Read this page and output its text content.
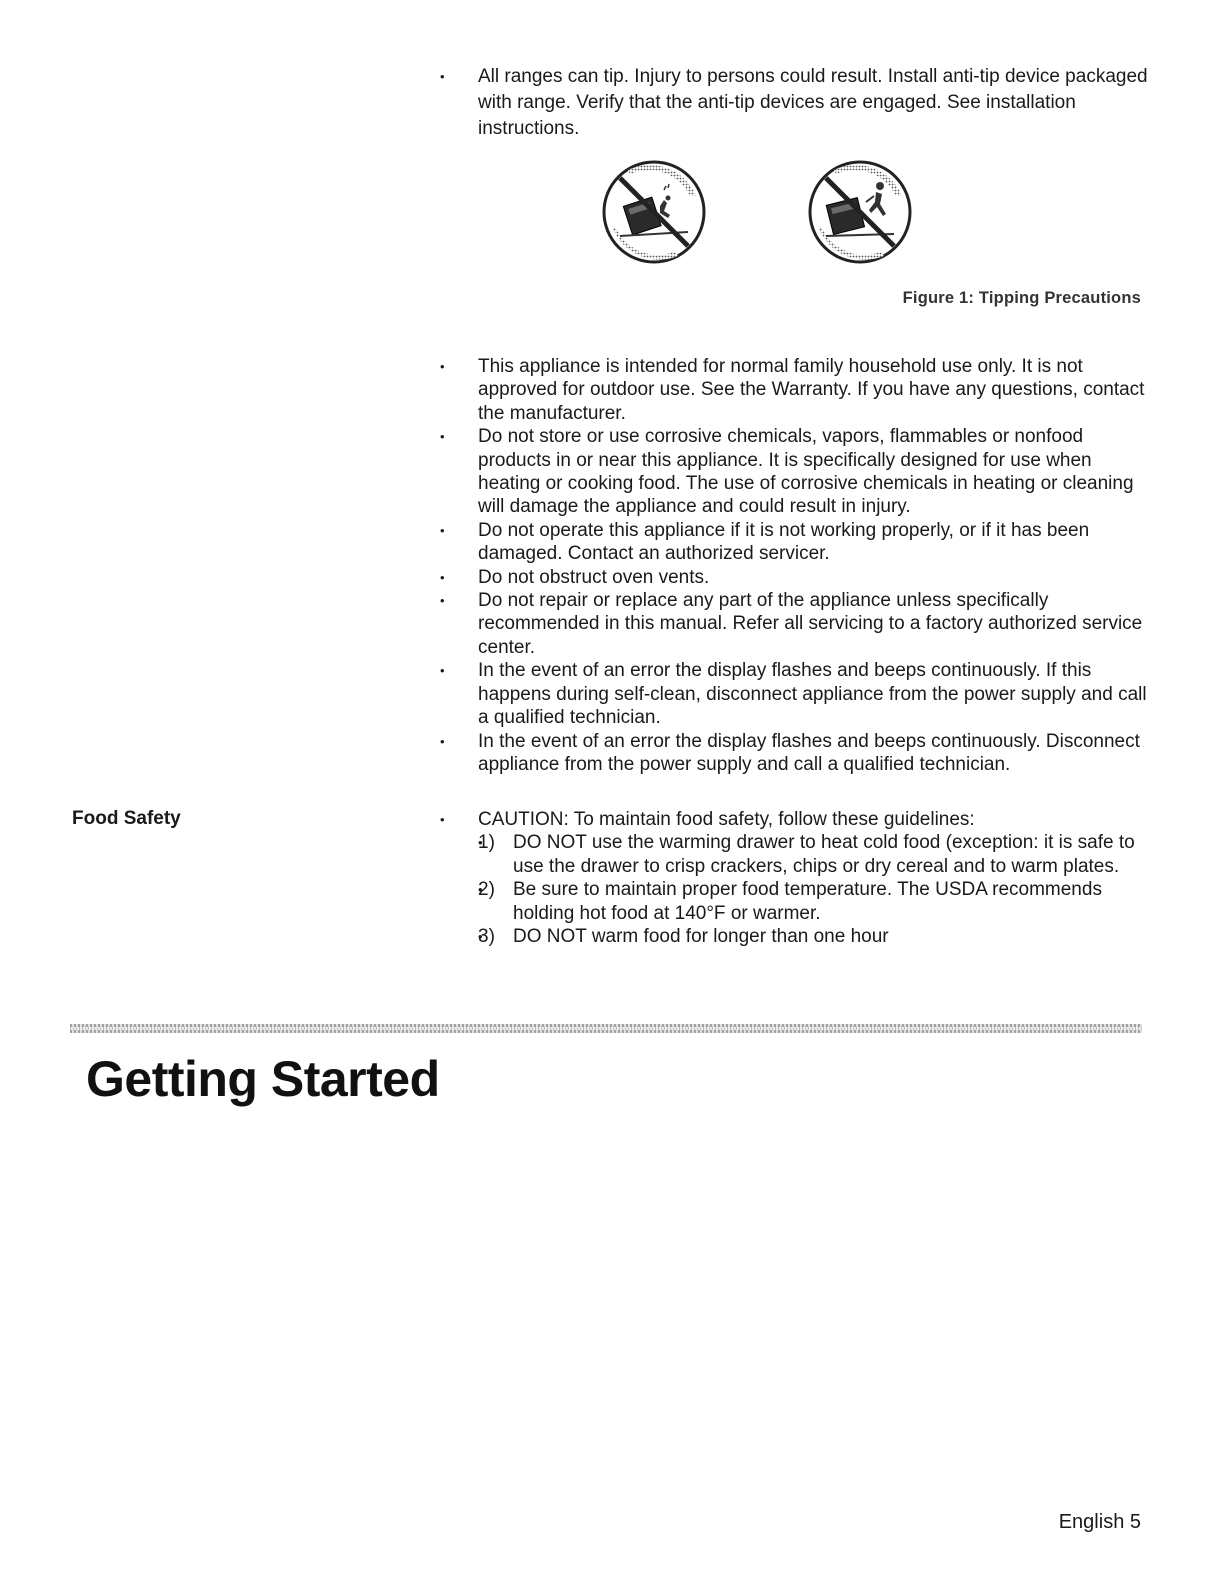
• All ranges can tip. Injury to persons could result. Install anti-tip device packaged with range. Verify that the anti-tip devices are engaged. See installation instructions.
Figure 1: Tipping Precautions
• This appliance is intended for normal family household use only. It is not approved for outdoor use. See the Warranty. If you have any questions, contact the manufacturer.
• Do not store or use corrosive chemicals, vapors, flammables or nonfood products in or near this appliance. It is specifically designed for use when heating or cooking food. The use of corrosive chemicals in heating or cleaning will damage the appliance and could result in injury.
• Do not operate this appliance if it is not working properly, or if it has been damaged. Contact an authorized servicer.
• Do not obstruct oven vents.
• Do not repair or replace any part of the appliance unless specifically recommended in this manual. Refer all servicing to a factory authorized service center.
• In the event of an error the display flashes and beeps continuously. If this happens during self-clean, disconnect appliance from the power supply and call a qualified technician.
• In the event of an error the display flashes and beeps continuously. Disconnect appliance from the power supply and call a qualified technician.
Food Safety
•	CAUTION: To maintain food safety, follow these guidelines:
• 1) DO NOT use the warming drawer to heat cold food (exception: it is safe to use the drawer to crisp crackers, chips or dry cereal and to warm plates.
• 2) Be sure to maintain proper food temperature. The USDA recommends holding hot food at 140°F or warmer.
• 3) DO NOT warm food for longer than one hour
Getting Started
English 5
